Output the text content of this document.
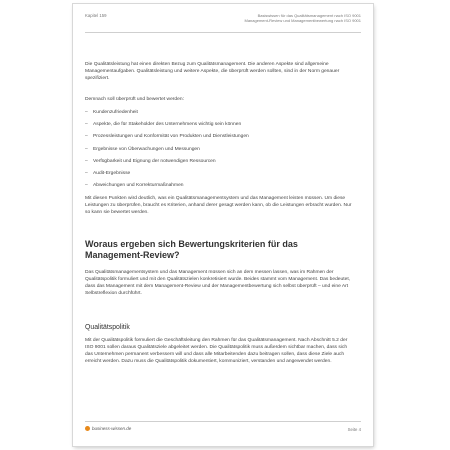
Kapitel 159	Basiswissen für das Qualitätsmanagement nach ISO 9001
Management-Review und Managementbewertung nach ISO 9001
Die Qualitätsleistung hat einen direkten Bezug zum Qualitätsmanagement. Die anderen Aspekte sind allgemeine Managementaufgaben. Qualitätsleistung und weitere Aspekte, die überprüft werden sollten, sind in der Norm genauer spezifiziert.
Demnach soll überprüft und bewertet werden:
– Kundenzufriedenheit
– Aspekte, die für Stakeholder des Unternehmens wichtig sein können
– Prozessleistungen und Konformität von Produkten und Dienstleistungen
– Ergebnisse von Überwachungen und Messungen
– Verfügbarkeit und Eignung der notwendigen Ressourcen
– Audit-Ergebnisse
– Abweichungen und Korrekturmaßnahmen
Mit diesen Punkten wird deutlich, was ein Qualitätsmanagementsystem und das Management leisten müssen. Um diese Leistungen zu überprüfen, braucht es Kriterien, anhand derer gesagt werden kann, ob die Leistungen erbracht wurden. Nur so kann sie bewertet werden.
Woraus ergeben sich Bewertungskriterien für das Management-Review?
Das Qualitätsmanagementsystem und das Management müssen sich an dem messen lassen, was im Rahmen der Qualitätspolitik formuliert und mit den Qualitätszielen konkretisiert wurde. Beides stammt vom Management. Das bedeutet, dass das Management mit dem Management-Review und der Managementbewertung sich selbst überprüft – und eine Art Selbstreflexion durchführt.
Qualitätspolitik
Mit der Qualitätspolitik formuliert die Geschäftsleitung den Rahmen für das Qualitätsmanagement. Nach Abschnitt 5.2 der ISO 9001 sollen daraus Qualitätsziele abgeleitet werden. Die Qualitätspolitik muss außerdem sichtbar machen, dass sich das Unternehmen permanent verbessern will und dass alle Mitarbeitenden dazu beitragen sollen, dass diese Ziele auch erreicht werden. Dazu muss die Qualitätspolitik dokumentiert, kommuniziert, verstanden und angewendet werden.
business-wissen.de	Seite 4
